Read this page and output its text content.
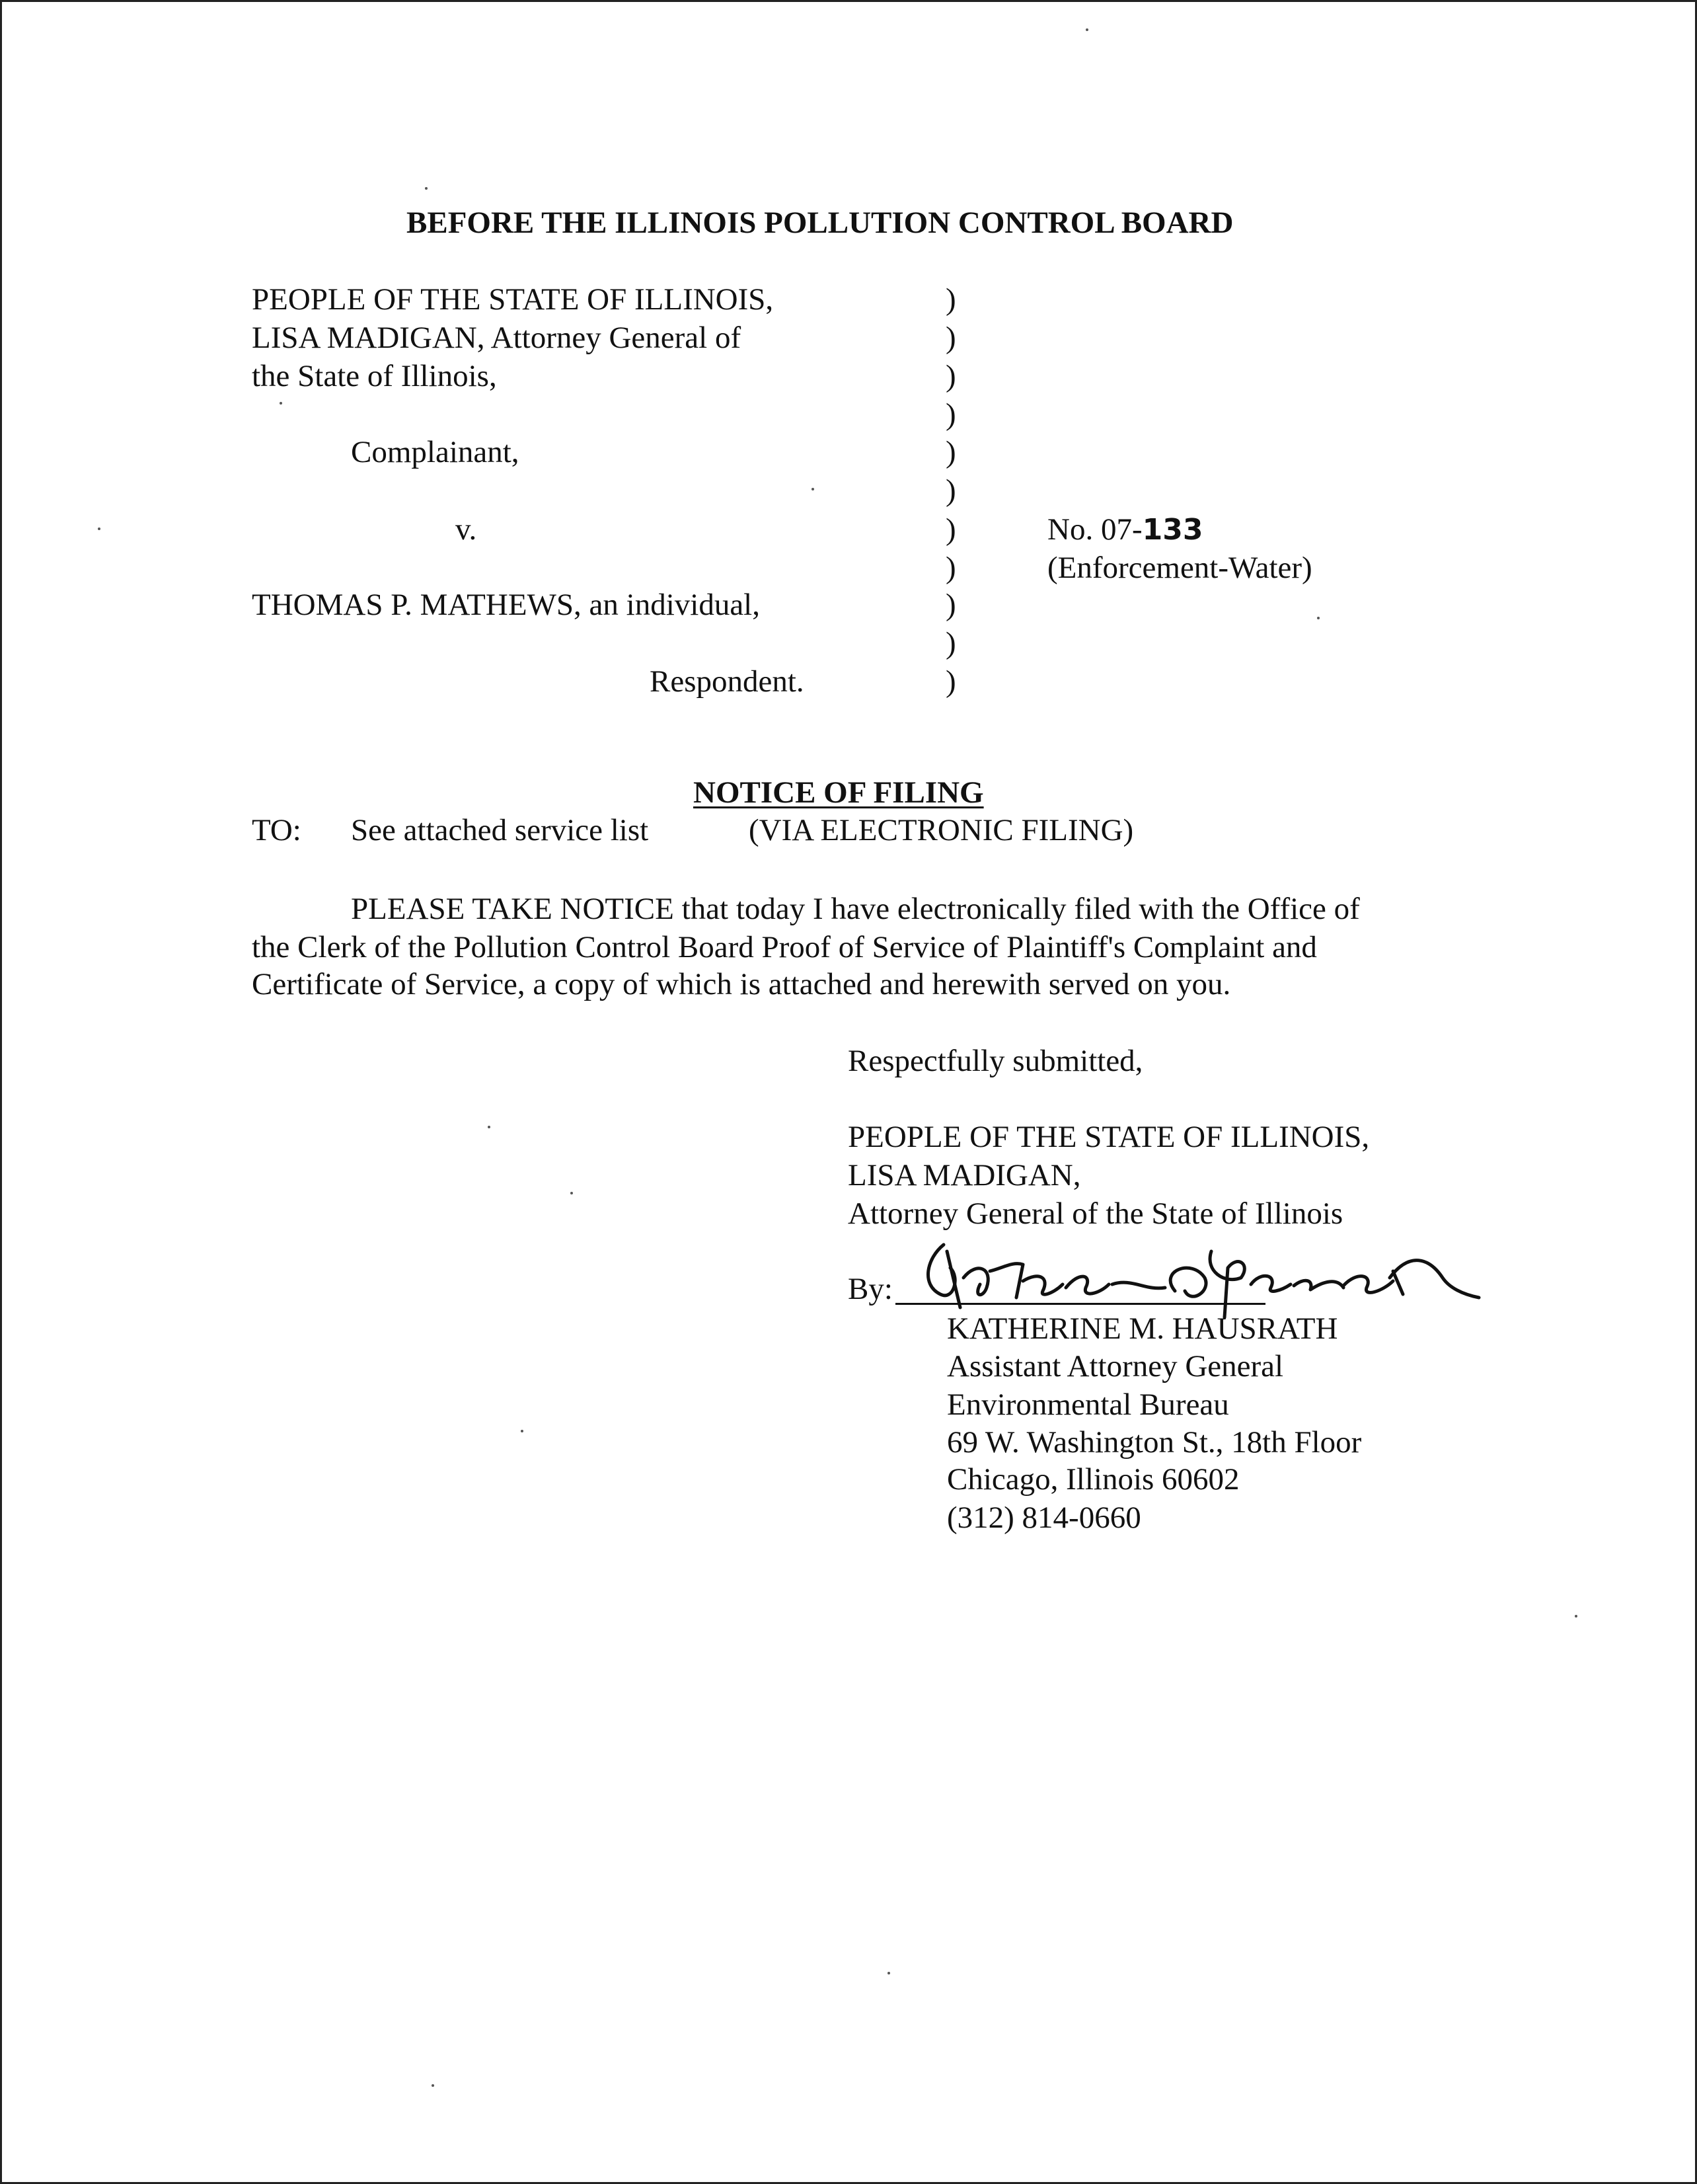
BEFORE THE ILLINOIS POLLUTION CONTROL BOARD
PEOPLE OF THE STATE OF ILLINOIS,
LISA MADIGAN, Attorney General of
the State of Illinois,
Complainant,
v.
THOMAS P. MATHEWS, an individual,
Respondent.
)
)
)
)
)
)
)
)
)
)
)
No. 07-133
(Enforcement-Water)
NOTICE OF FILING
TO: See attached service list	(VIA ELECTRONIC FILING)
PLEASE TAKE NOTICE that today I have electronically filed with the Office of
the Clerk of the Pollution Control Board Proof of Service of Plaintiff's Complaint and
Certificate of Service, a copy of which is attached and herewith served on you.
Respectfully submitted,
PEOPLE OF THE STATE OF ILLINOIS,
LISA MADIGAN,
Attorney General of the State of Illinois
By:
KATHERINE M. HAUSRATH
Assistant Attorney General
Environmental Bureau
69 W. Washington St., 18th Floor
Chicago, Illinois 60602
(312) 814-0660
